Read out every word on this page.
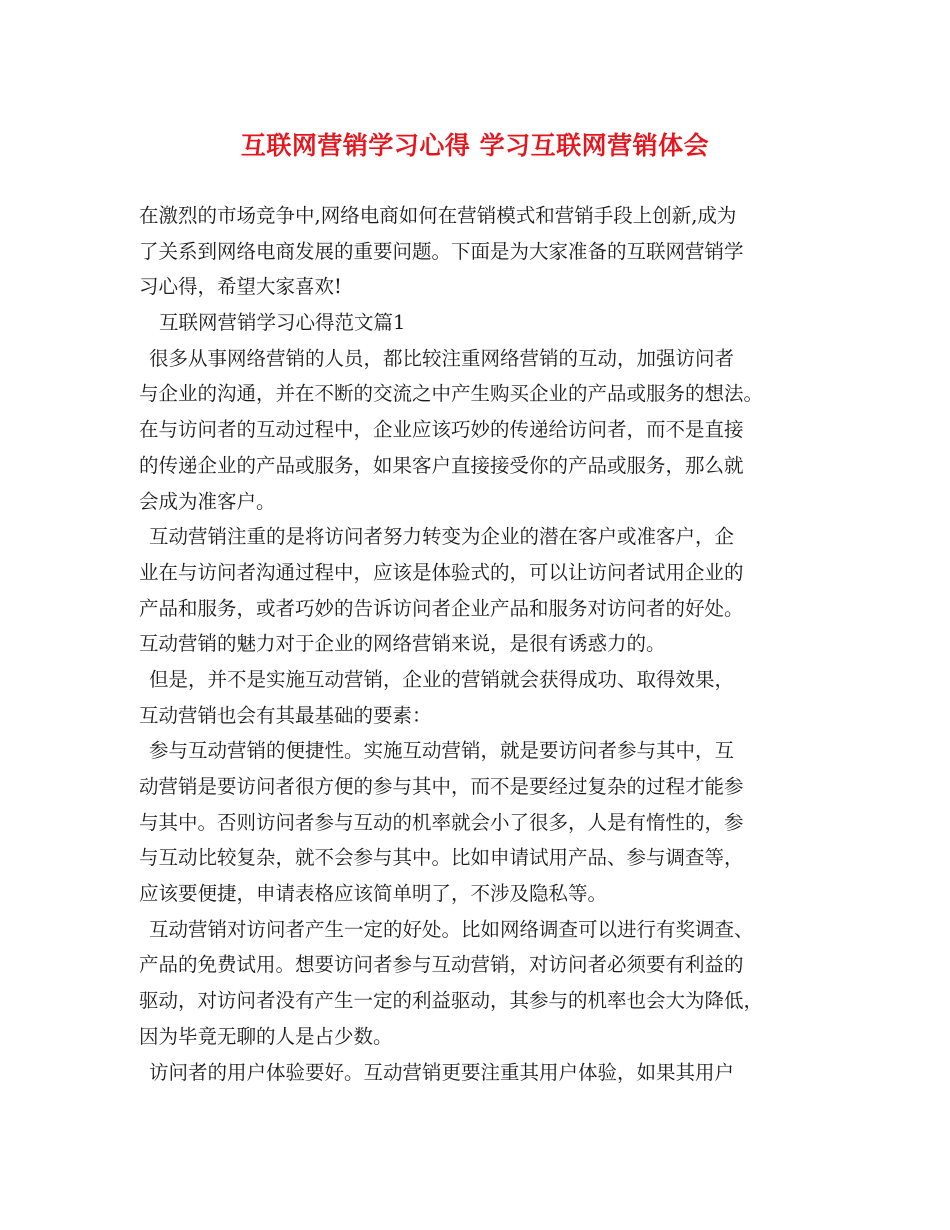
互联网营销学习心得 学习互联网营销体会
在激烈的市场竞争中,网络电商如何在营销模式和营销手段上创新,成为
了关系到网络电商发展的重要问题。下面是为大家准备的互联网营销学
习心得，希望大家喜欢!
互联网营销学习心得范文篇1
很多从事网络营销的人员，都比较注重网络营销的互动，加强访问者
与企业的沟通，并在不断的交流之中产生购买企业的产品或服务的想法。
在与访问者的互动过程中，企业应该巧妙的传递给访问者，而不是直接
的传递企业的产品或服务，如果客户直接接受你的产品或服务，那么就
会成为准客户。
互动营销注重的是将访问者努力转变为企业的潜在客户或准客户，企
业在与访问者沟通过程中，应该是体验式的，可以让访问者试用企业的
产品和服务，或者巧妙的告诉访问者企业产品和服务对访问者的好处。
互动营销的魅力对于企业的网络营销来说，是很有诱惑力的。
但是，并不是实施互动营销，企业的营销就会获得成功、取得效果，
互动营销也会有其最基础的要素：
参与互动营销的便捷性。实施互动营销，就是要访问者参与其中，互
动营销是要访问者很方便的参与其中，而不是要经过复杂的过程才能参
与其中。否则访问者参与互动的机率就会小了很多，人是有惰性的，参
与互动比较复杂，就不会参与其中。比如申请试用产品、参与调查等，
应该要便捷，申请表格应该简单明了，不涉及隐私等。
互动营销对访问者产生一定的好处。比如网络调查可以进行有奖调查、
产品的免费试用。想要访问者参与互动营销，对访问者必须要有利益的
驱动，对访问者没有产生一定的利益驱动，其参与的机率也会大为降低，
因为毕竟无聊的人是占少数。
访问者的用户体验要好。互动营销更要注重其用户体验，如果其用户
